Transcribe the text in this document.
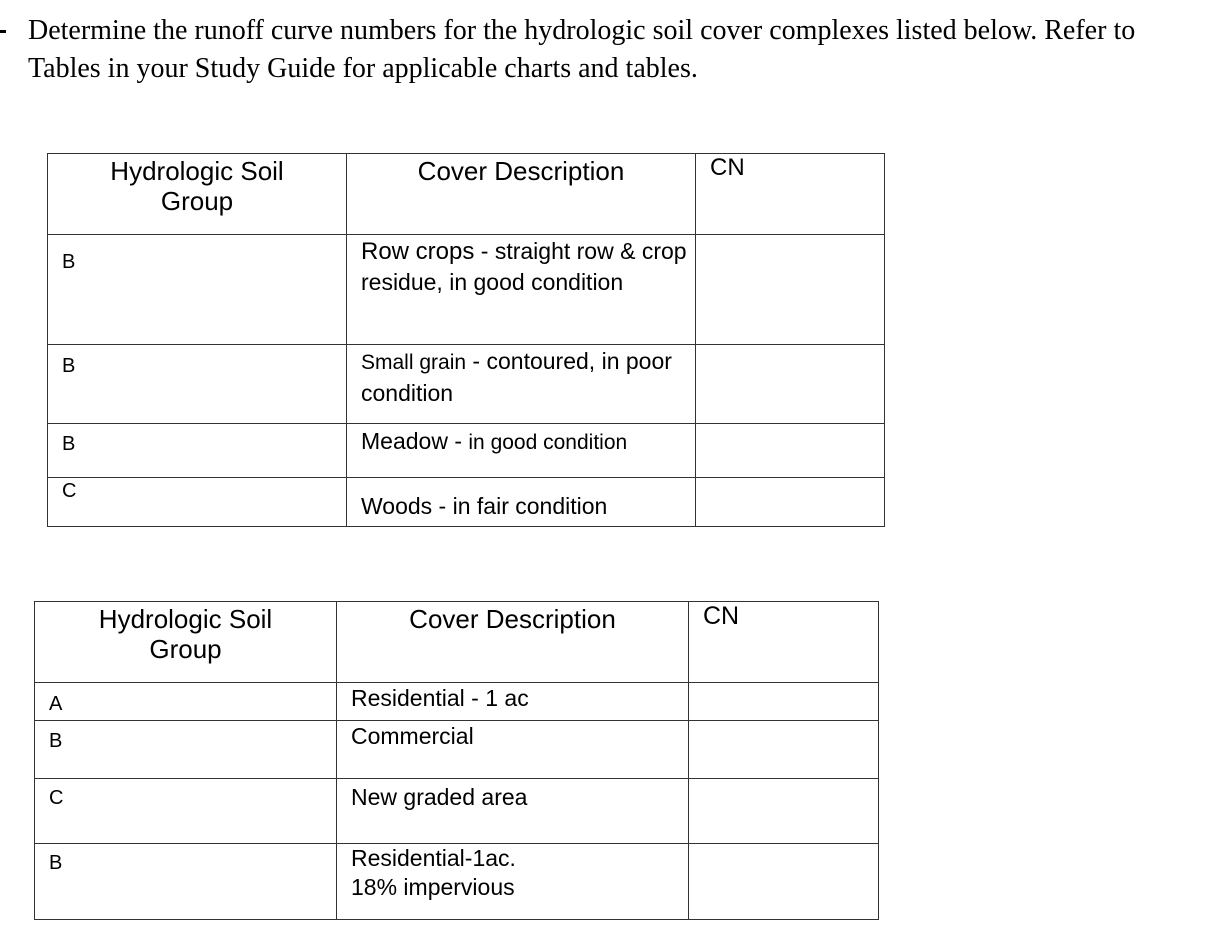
Determine the runoff curve numbers for the hydrologic soil cover complexes listed below. Refer to Tables in your Study Guide for applicable charts and tables.
Hydrologic Soil
Group	Cover Description	CN

B	Row crops - straight row & crop residue, in good condition	

B	Small grain - contoured, in poor condition	

B	Meadow - in good condition	

C	Woods - in fair condition	
Hydrologic Soil
Group	Cover Description	CN

A	Residential - 1 ac	

B	Commercial	

C	New graded area	

B	Residential-1ac.
18% impervious	
